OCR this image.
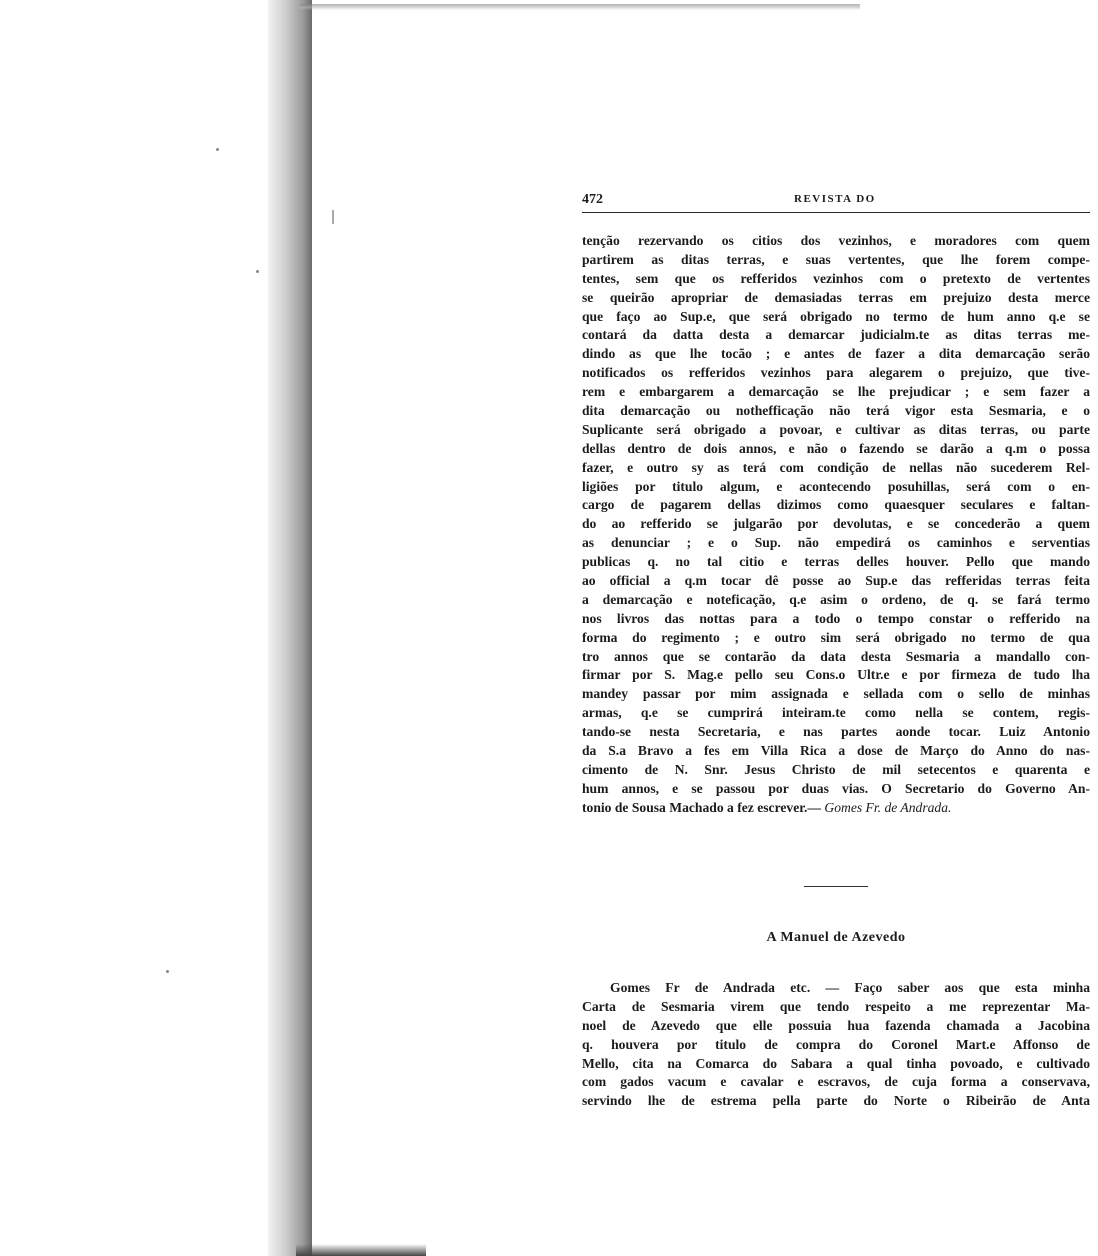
472	REVISTA DO
tenção rezervando os citios dos vezinhos, e moradores com quem
partirem as ditas terras, e suas vertentes, que lhe forem compe-
tentes, sem que os refferidos vezinhos com o pretexto de vertentes
se queirão apropriar de demasiadas terras em prejuizo desta merce
que faço ao Sup.e, que será obrigado no termo de hum anno q.e se
contará da datta desta a demarcar judicialm.te as ditas terras me-
dindo as que lhe tocão ; e antes de fazer a dita demarcação serão
notificados os refferidos vezinhos para alegarem o prejuizo, que tive-
rem e embargarem a demarcação se lhe prejudicar ; e sem fazer a
dita demarcação ou nothefficação não terá vigor esta Sesmaria, e o
Suplicante será obrigado a povoar, e cultivar as ditas terras, ou parte
dellas dentro de dois annos, e não o fazendo se darão a q.m o possa
fazer, e outro sy as terá com condição de nellas não sucederem Rel-
ligiões por titulo algum, e acontecendo posuhillas, será com o en-
cargo de pagarem dellas dizimos como quaesquer seculares e faltan-
do ao refferido se julgarão por devolutas, e se concederão a quem
as denunciar ; e o Sup. não empedirá os caminhos e serventias
publicas q. no tal citio e terras delles houver. Pello que mando
ao official a q.m tocar dê posse ao Sup.e das refferidas terras feita
a demarcação e noteficação, q.e asim o ordeno, de q. se fará termo
nos livros das nottas para a todo o tempo constar o refferido na
forma do regimento ; e outro sim será obrigado no termo de qua
tro annos que se contarão da data desta Sesmaria a mandallo con-
firmar por S. Mag.e pello seu Cons.o Ultr.e e por firmeza de tudo lha
mandey passar por mim assignada e sellada com o sello de minhas
armas, q.e se cumprirá inteiram.te como nella se contem, regis-
tando-se nesta Secretaria, e nas partes aonde tocar. Luiz Antonio
da S.a Bravo a fes em Villa Rica a dose de Março do Anno do nas-
cimento de N. Snr. Jesus Christo de mil setecentos e quarenta e
hum annos, e se passou por duas vias. O Secretario do Governo An-
tonio de Sousa Machado a fez escrever.— Gomes Fr. de Andrada.
A Manuel de Azevedo
Gomes Fr de Andrada etc. — Faço saber aos que esta minha
Carta de Sesmaria virem que tendo respeito a me reprezentar Ma-
noel de Azevedo que elle possuia hua fazenda chamada a Jacobina
q. houvera por titulo de compra do Coronel Mart.e Affonso de
Mello, cita na Comarca do Sabara a qual tinha povoado, e cultivado
com gados vacum e cavalar e escravos, de cuja forma a conservava,
servindo lhe de estrema pella parte do Norte o Ribeirão de Anta
